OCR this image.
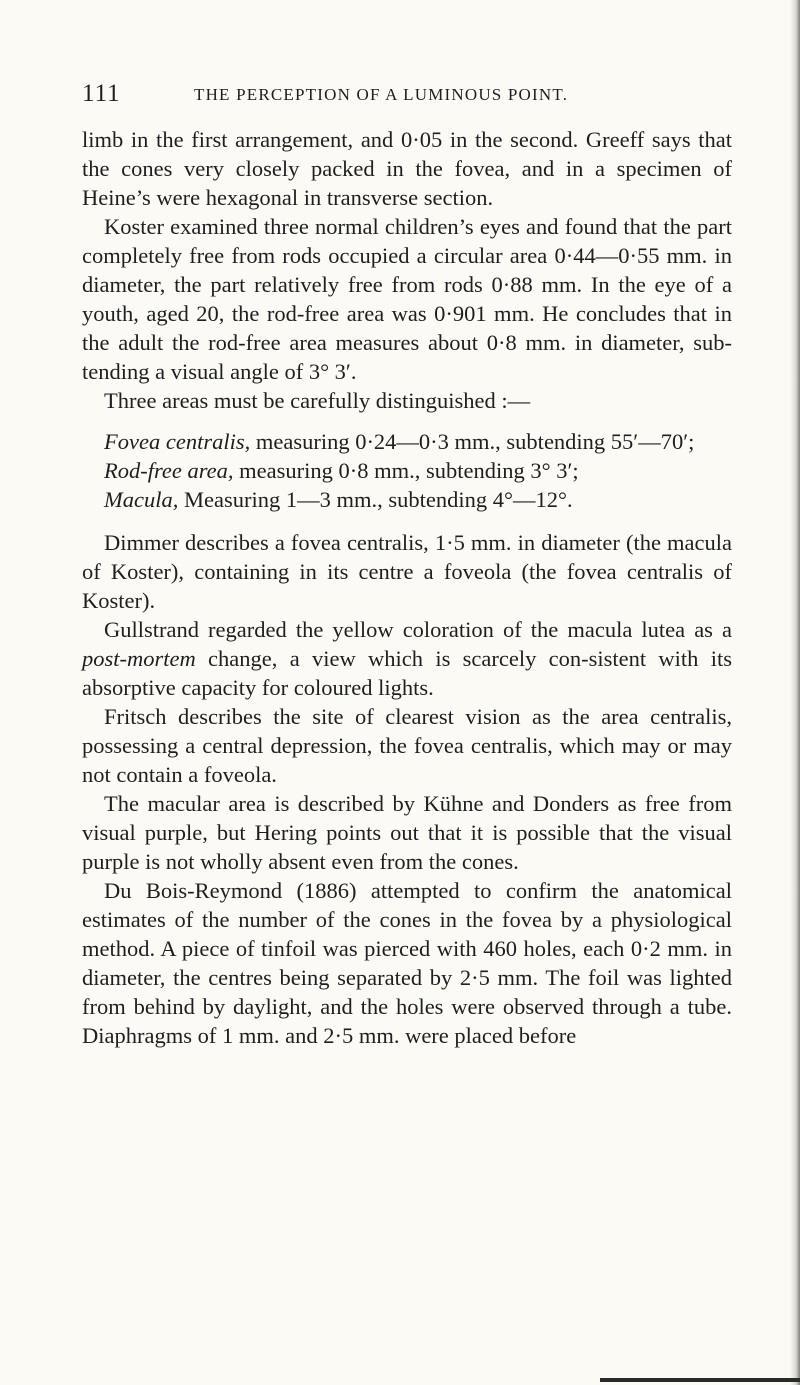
111	THE PERCEPTION OF A LUMINOUS POINT.

limb in the first arrangement, and 0·05 in the second. Greeff says that the cones very closely packed in the fovea, and in a specimen of Heine’s were hexagonal in transverse section.

Koster examined three normal children’s eyes and found that the part completely free from rods occupied a circular area 0·44—0·55 mm. in diameter, the part relatively free from rods 0·88 mm. In the eye of a youth, aged 20, the rod-free area was 0·901 mm. He concludes that in the adult the rod-free area measures about 0·8 mm. in diameter, sub-tending a visual angle of 3° 3′.

Three areas must be carefully distinguished :—

Fovea centralis, measuring 0·24—0·3 mm., subtending 55′—70′;

Rod-free area, measuring 0·8 mm., subtending 3° 3′;

Macula, Measuring 1—3 mm., subtending 4°—12°.

Dimmer describes a fovea centralis, 1·5 mm. in diameter (the macula of Koster), containing in its centre a foveola (the fovea centralis of Koster).

Gullstrand regarded the yellow coloration of the macula lutea as a post-mortem change, a view which is scarcely con-sistent with its absorptive capacity for coloured lights.

Fritsch describes the site of clearest vision as the area centralis, possessing a central depression, the fovea centralis, which may or may not contain a foveola.

The macular area is described by Kühne and Donders as free from visual purple, but Hering points out that it is possible that the visual purple is not wholly absent even from the cones.

Du Bois-Reymond (1886) attempted to confirm the anatomical estimates of the number of the cones in the fovea by a physiological method. A piece of tinfoil was pierced with 460 holes, each 0·2 mm. in diameter, the centres being separated by 2·5 mm. The foil was lighted from behind by daylight, and the holes were observed through a tube. Diaphragms of 1 mm. and 2·5 mm. were placed before
